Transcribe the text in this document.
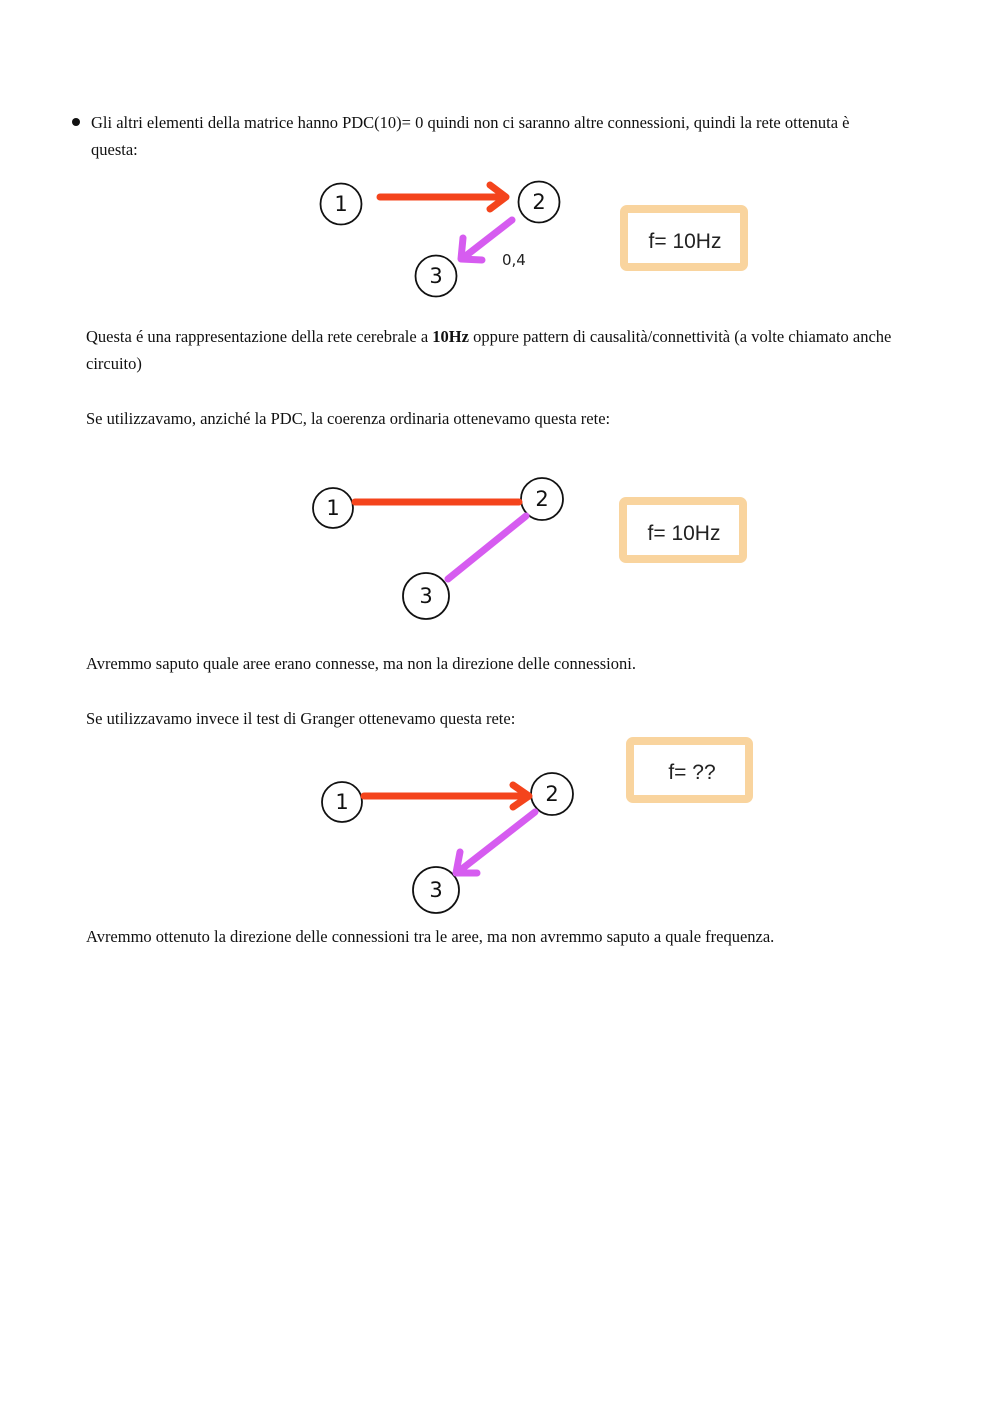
Gli altri elementi della matrice hanno PDC(10)= 0 quindi non ci saranno altre connessioni, quindi la rete ottenuta è questa:

1	2
3
0,4
f= 10Hz

Questa é una rappresentazione della rete cerebrale a 10Hz oppure pattern di causalità/connettività (a volte chiamato anche circuito)

Se utilizzavamo, anziché la PDC, la coerenza ordinaria ottenevamo questa rete:

1	2
3
f= 10Hz

Avremmo saputo quale aree erano connesse, ma non la direzione delle connessioni.

Se utilizzavamo invece il test di Granger ottenevamo questa rete:

1	2
3
f= ??

Avremmo ottenuto la direzione delle connessioni tra le aree, ma non avremmo saputo a quale frequenza.
